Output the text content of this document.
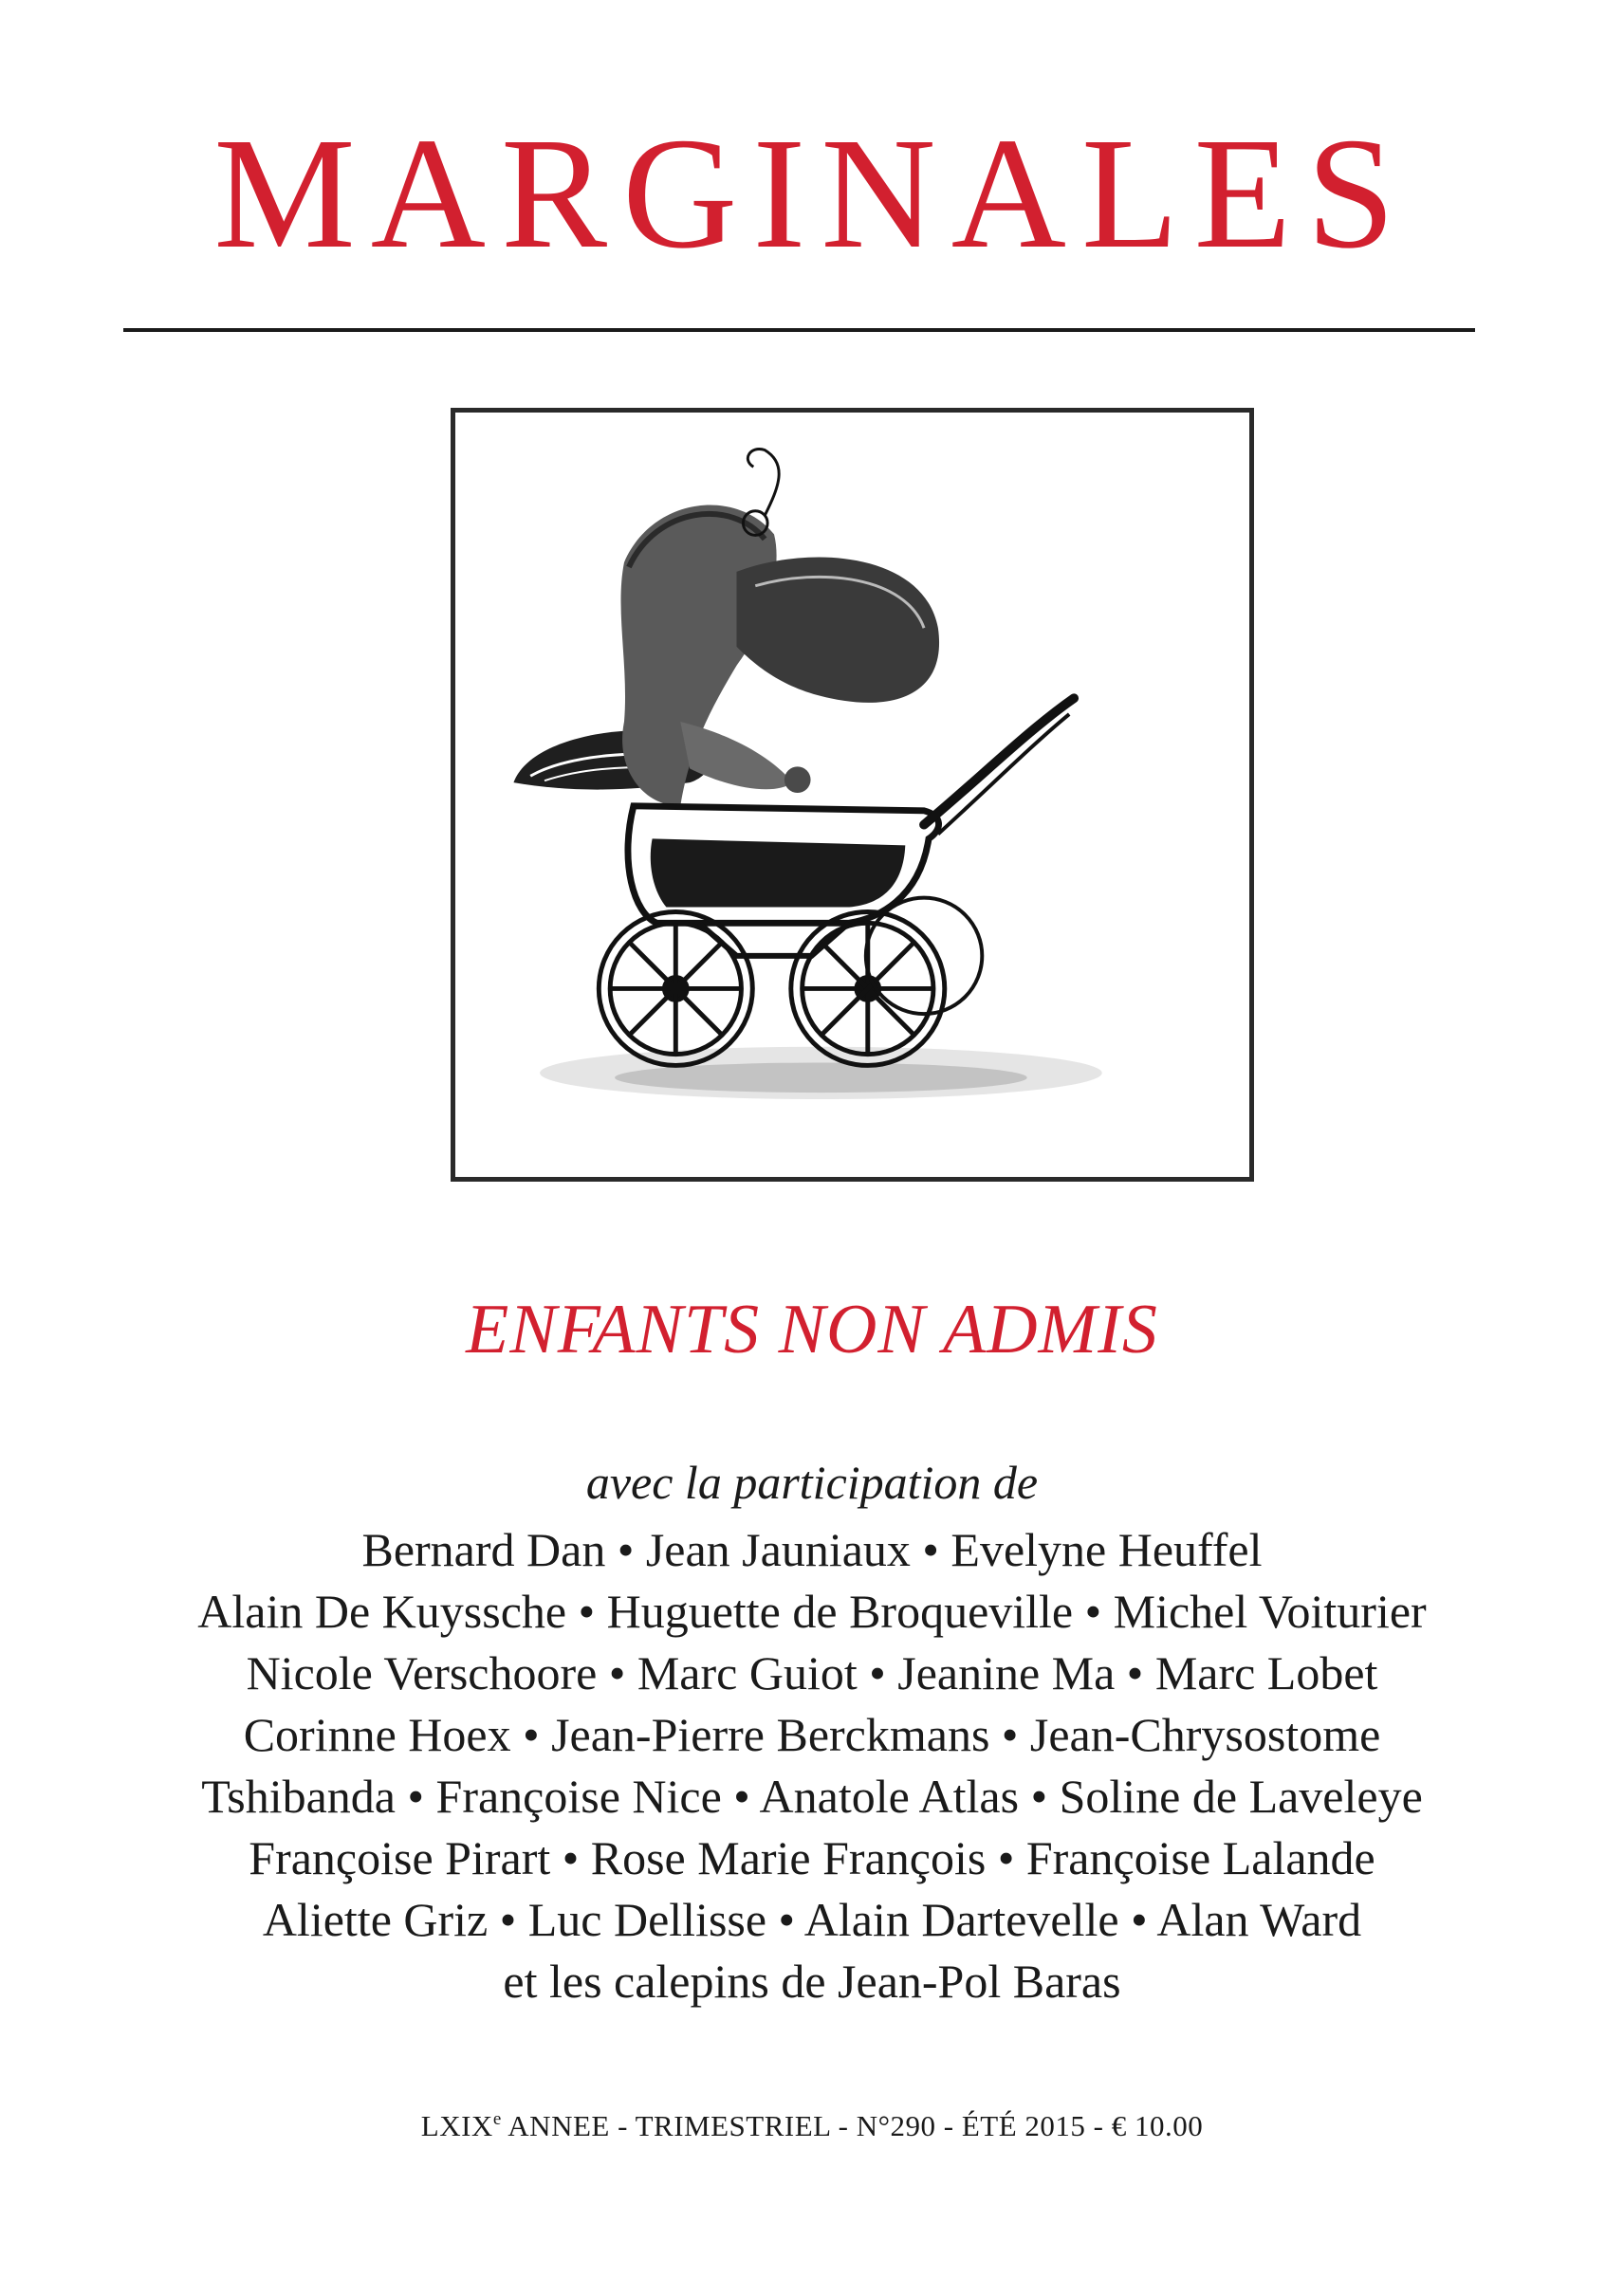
MARGINALES
ENFANTS NON ADMIS
avec la participation de
Bernard Dan • Jean Jauniaux • Evelyne Heuffel
Alain De Kuyssche • Huguette de Broqueville • Michel Voiturier
Nicole Verschoore • Marc Guiot • Jeanine Ma • Marc Lobet
Corinne Hoex • Jean-Pierre Berckmans • Jean-Chrysostome
Tshibanda • Françoise Nice • Anatole Atlas • Soline de Laveleye
Françoise Pirart • Rose Marie François • Françoise Lalande
Aliette Griz • Luc Dellisse • Alain Dartevelle • Alan Ward
et les calepins de Jean-Pol Baras
LXIXe ANNEE - TRIMESTRIEL - N°290 - ÉTÉ 2015 - € 10.00
